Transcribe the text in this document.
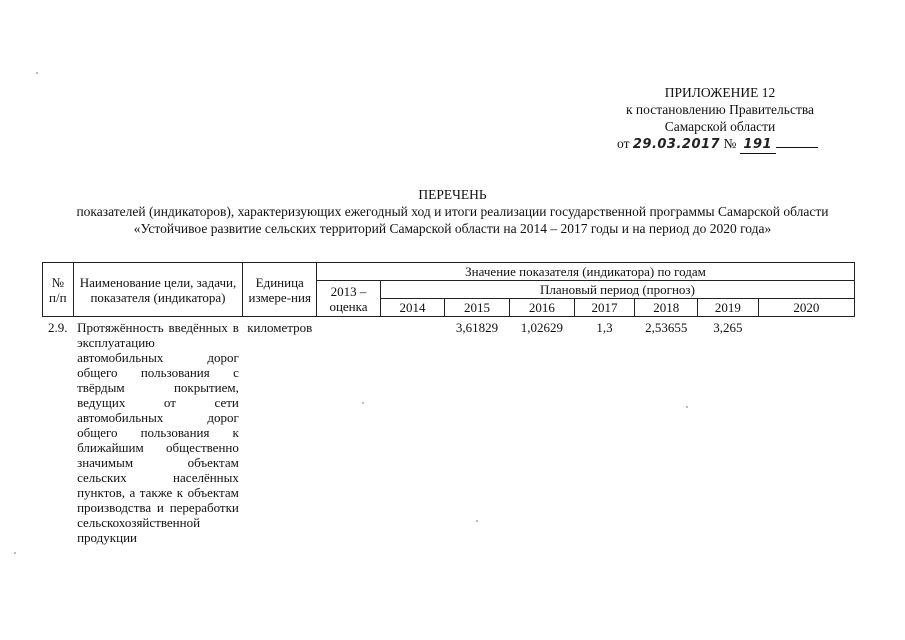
ПРИЛОЖЕНИЕ 12
к постановлению Правительства
Самарской области
от 29.03.2017 № 191
ПЕРЕЧЕНЬ
показателей (индикаторов), характеризующих ежегодный ход и итоги реализации государственной программы Самарской области «Устойчивое развитие сельских территорий Самарской области на 2014 – 2017 годы и на период до 2020 года»
№ п/п	Наименование цели, задачи, показателя (индикатора)	Единица измере-ния	Значение показателя (индикатора) по годам							
			2013 – оценка	Плановый период (прогноз)						
				2014	2015	2016	2017	2018	2019	2020
2.9.	Протяжённость введённых в эксплуатацию автомобильных дорог общего пользования с твёрдым покрытием, ведущих от сети автомобильных дорог общего пользования к ближайшим общественно значимым объектам сельских населённых пунктов, а также к объектам производства и переработки сельскохозяйственной продукции	километров			3,61829	1,02629	1,3	2,53655	3,265	
